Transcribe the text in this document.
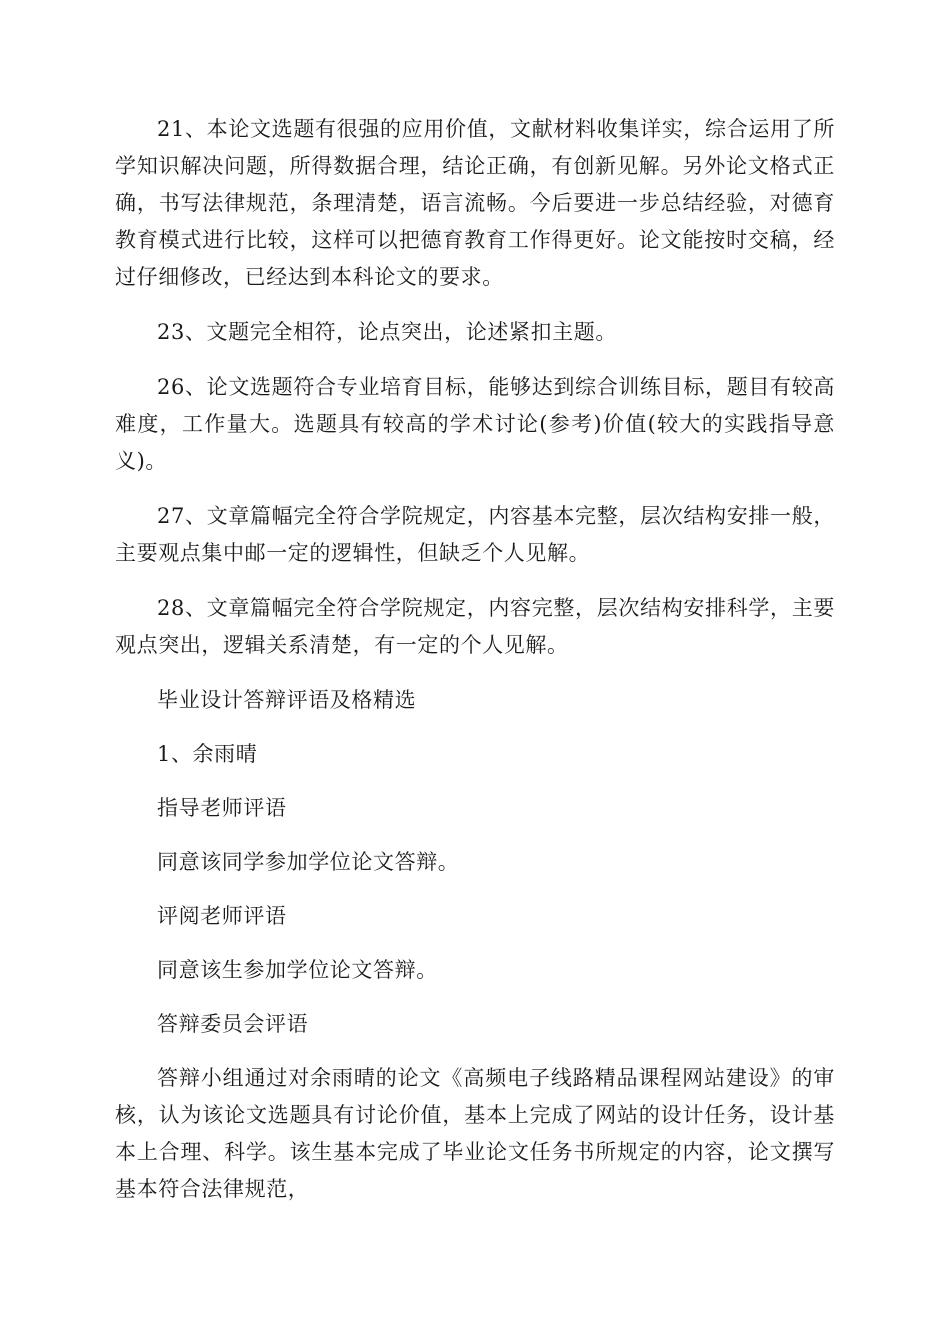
21、本论文选题有很强的应用价值，文献材料收集详实，综合运用了所学知识解决问题，所得数据合理，结论正确，有创新见解。另外论文格式正确，书写法律规范，条理清楚，语言流畅。今后要进一步总结经验，对德育教育模式进行比较，这样可以把德育教育工作得更好。论文能按时交稿，经过仔细修改，已经达到本科论文的要求。

23、文题完全相符，论点突出，论述紧扣主题。

26、论文选题符合专业培育目标，能够达到综合训练目标，题目有较高难度，工作量大。选题具有较高的学术讨论(参考)价值(较大的实践指导意义)。

27、文章篇幅完全符合学院规定，内容基本完整，层次结构安排一般，主要观点集中邮一定的逻辑性，但缺乏个人见解。

28、文章篇幅完全符合学院规定，内容完整，层次结构安排科学，主要观点突出，逻辑关系清楚，有一定的个人见解。

毕业设计答辩评语及格精选

1、余雨晴

指导老师评语

同意该同学参加学位论文答辩。

评阅老师评语

同意该生参加学位论文答辩。

答辩委员会评语

答辩小组通过对余雨晴的论文《高频电子线路精品课程网站建设》的审核，认为该论文选题具有讨论价值，基本上完成了网站的设计任务，设计基本上合理、科学。该生基本完成了毕业论文任务书所规定的内容，论文撰写基本符合法律规范，
